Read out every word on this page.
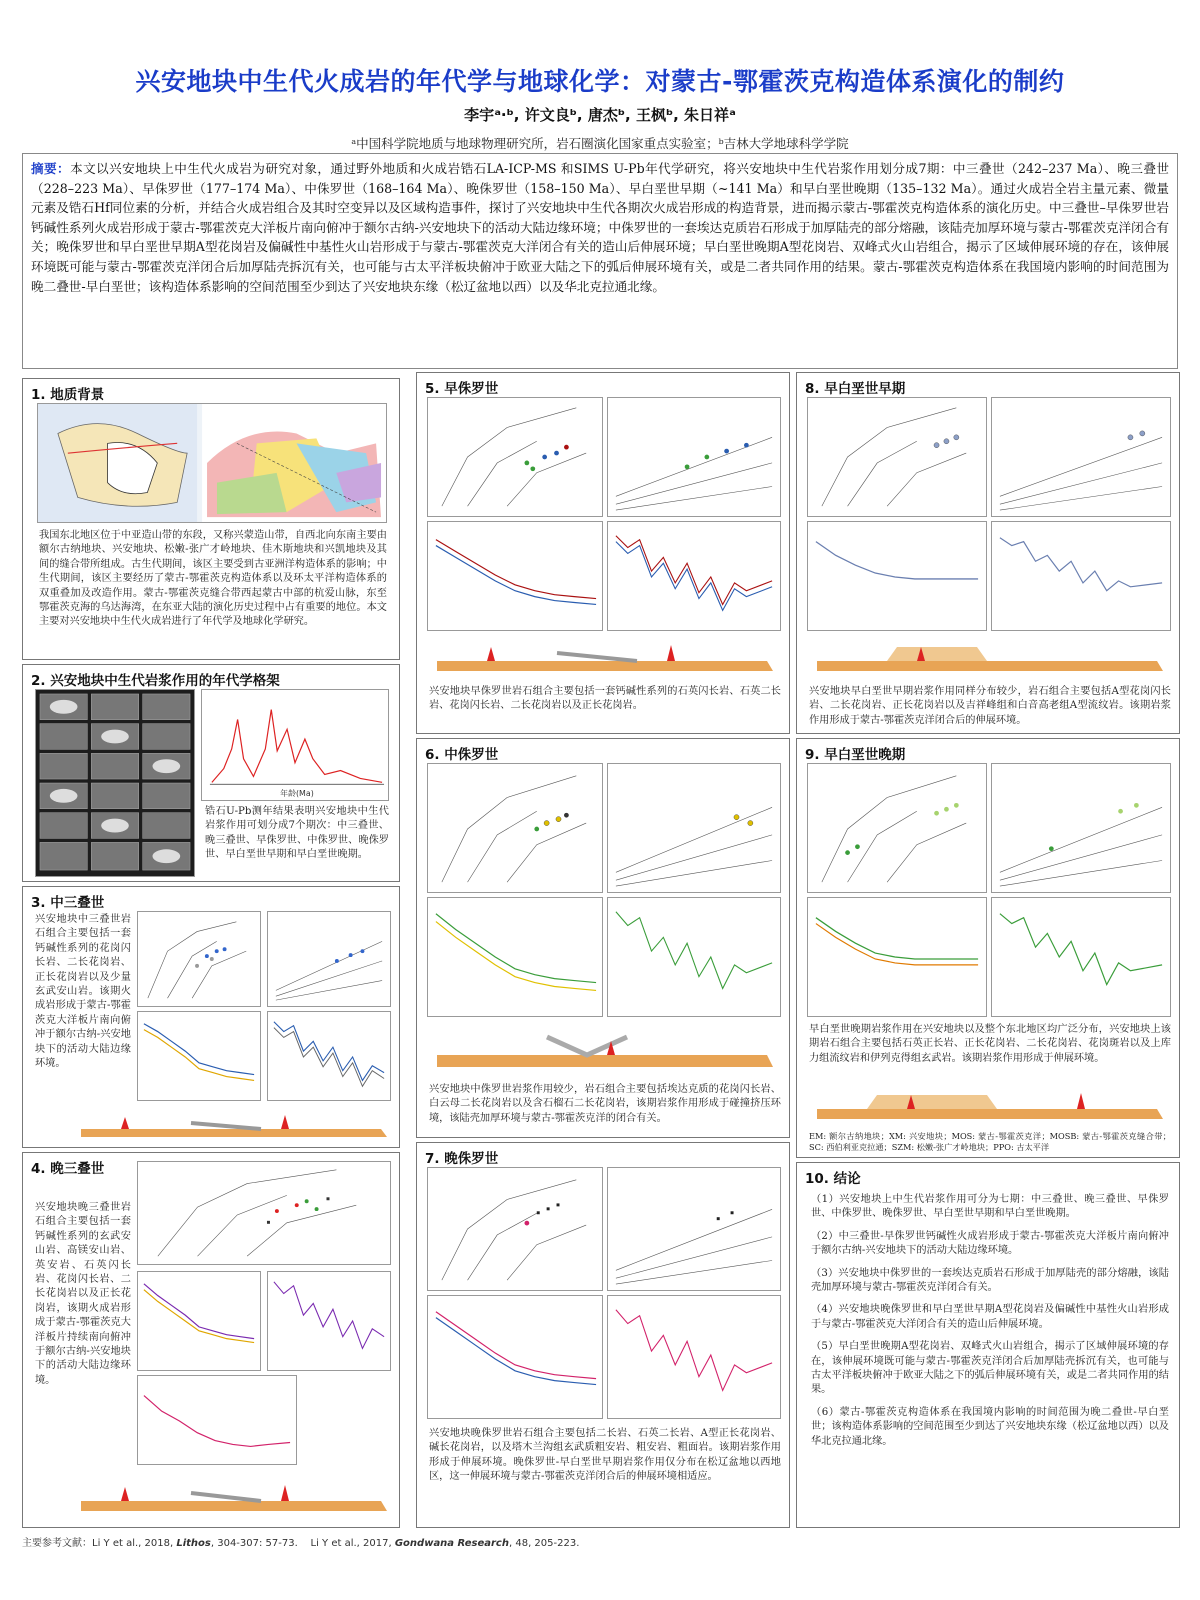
兴安地块中生代火成岩的年代学与地球化学：对蒙古-鄂霍茨克构造体系演化的制约
李宇ᵃ·ᵇ, 许文良ᵇ, 唐杰ᵇ, 王枫ᵇ, 朱日祥ᵃ
ᵃ中国科学院地质与地球物理研究所，岩石圈演化国家重点实验室；ᵇ吉林大学地球科学学院
摘要：本文以兴安地块上中生代火成岩为研究对象，通过野外地质和火成岩锆石LA-ICP-MS 和SIMS U-Pb年代学研究，将兴安地块中生代岩浆作用划分成7期：中三叠世（242–237 Ma）、晚三叠世（228–223 Ma）、早侏罗世（177–174 Ma）、中侏罗世（168–164 Ma）、晚侏罗世（158–150 Ma）、早白垩世早期（~141 Ma）和早白垩世晚期（135–132 Ma）。通过火成岩全岩主量元素、微量元素及锆石Hf同位素的分析，并结合火成岩组合及其时空变异以及区域构造事件，探讨了兴安地块中生代各期次火成岩形成的构造背景，进而揭示蒙古-鄂霍茨克构造体系的演化历史。中三叠世–早侏罗世岩钙碱性系列火成岩形成于蒙古-鄂霍茨克大洋板片南向俯冲于额尔古纳-兴安地块下的活动大陆边缘环境；中侏罗世的一套埃达克质岩石形成于加厚陆壳的部分熔融，该陆壳加厚环境与蒙古-鄂霍茨克洋闭合有关；晚侏罗世和早白垩世早期A型花岗岩及偏碱性中基性火山岩形成于与蒙古-鄂霍茨克大洋闭合有关的造山后伸展环境；早白垩世晚期A型花岗岩、双峰式火山岩组合，揭示了区域伸展环境的存在，该伸展环境既可能与蒙古-鄂霍茨克洋闭合后加厚陆壳拆沉有关，也可能与古太平洋板块俯冲于欧亚大陆之下的弧后伸展环境有关，或是二者共同作用的结果。蒙古-鄂霍茨克构造体系在我国境内影响的时间范围为晚二叠世-早白垩世；该构造体系影响的空间范围至少到达了兴安地块东缘（松辽盆地以西）以及华北克拉通北缘。
1. 地质背景
我国东北地区位于中亚造山带的东段，又称兴蒙造山带，自西北向东南主要由额尔古纳地块、兴安地块、松嫩-张广才岭地块、佳木斯地块和兴凯地块及其间的缝合带所组成。古生代期间，该区主要受到古亚洲洋构造体系的影响；中生代期间，该区主要经历了蒙古-鄂霍茨克构造体系以及环太平洋构造体系的双重叠加及改造作用。蒙古-鄂霍茨克缝合带西起蒙古中部的杭爱山脉，东至鄂霍茨克海的乌达海湾，在东亚大陆的演化历史过程中占有重要的地位。本文主要对兴安地块中生代火成岩进行了年代学及地球化学研究。
2. 兴安地块中生代岩浆作用的年代学格架
年龄(Ma)
锆石U-Pb测年结果表明兴安地块中生代岩浆作用可划分成7个期次：中三叠世、晚三叠世、早侏罗世、中侏罗世、晚侏罗世、早白垩世早期和早白垩世晚期。
3. 中三叠世
兴安地块中三叠世岩石组合主要包括一套钙碱性系列的花岗闪长岩、二长花岗岩、正长花岗岩以及少量玄武安山岩。该期火成岩形成于蒙古-鄂霍茨克大洋板片南向俯冲于额尔古纳-兴安地块下的活动大陆边缘环境。
4. 晚三叠世
兴安地块晚三叠世岩石组合主要包括一套钙碱性系列的玄武安山岩、高镁安山岩、英安岩、石英闪长岩、花岗闪长岩、二长花岗岩以及正长花岗岩，该期火成岩形成于蒙古-鄂霍茨克大洋板片持续南向俯冲于额尔古纳-兴安地块下的活动大陆边缘环境。
5. 早侏罗世
兴安地块早侏罗世岩石组合主要包括一套钙碱性系列的石英闪长岩、石英二长岩、花岗闪长岩、二长花岗岩以及正长花岗岩。
6. 中侏罗世
兴安地块中侏罗世岩浆作用较少，岩石组合主要包括埃达克质的花岗闪长岩、白云母二长花岗岩以及含石榴石二长花岗岩，该期岩浆作用形成于碰撞挤压环境，该陆壳加厚环境与蒙古-鄂霍茨克洋的闭合有关。
7. 晚侏罗世
兴安地块晚侏罗世岩石组合主要包括二长岩、石英二长岩、A型正长花岗岩、碱长花岗岩，以及塔木兰沟组玄武质粗安岩、粗安岩、粗面岩。该期岩浆作用形成于伸展环境。晚侏罗世-早白垩世早期岩浆作用仅分布在松辽盆地以西地区，这一伸展环境与蒙古-鄂霍茨克洋闭合后的伸展环境相适应。
8. 早白垩世早期
兴安地块早白垩世早期岩浆作用同样分布较少，岩石组合主要包括A型花岗闪长岩、二长花岗岩、正长花岗岩以及吉祥峰组和白音高老组A型流纹岩。该期岩浆作用形成于蒙古-鄂霍茨克洋闭合后的伸展环境。
9. 早白垩世晚期
早白垩世晚期岩浆作用在兴安地块以及整个东北地区均广泛分布，兴安地块上该期岩石组合主要包括石英正长岩、正长花岗岩、二长花岗岩、花岗斑岩以及上库力组流纹岩和伊列克得组玄武岩。该期岩浆作用形成于伸展环境。
EM: 额尔古纳地块；XM: 兴安地块；MOS: 蒙古-鄂霍茨克洋；MOSB: 蒙古-鄂霍茨克缝合带；SC: 西伯利亚克拉通；SZM: 松嫩-张广才岭地块；PPO: 古太平洋
10. 结论

（1）兴安地块上中生代岩浆作用可分为七期：中三叠世、晚三叠世、早侏罗世、中侏罗世、晚侏罗世、早白垩世早期和早白垩世晚期。

（2）中三叠世-早侏罗世钙碱性火成岩形成于蒙古-鄂霍茨克大洋板片南向俯冲于额尔古纳-兴安地块下的活动大陆边缘环境。

（3）兴安地块中侏罗世的一套埃达克质岩石形成于加厚陆壳的部分熔融，该陆壳加厚环境与蒙古-鄂霍茨克洋闭合有关。

（4）兴安地块晚侏罗世和早白垩世早期A型花岗岩及偏碱性中基性火山岩形成于与蒙古-鄂霍茨克大洋闭合有关的造山后伸展环境。

（5）早白垩世晚期A型花岗岩、双峰式火山岩组合，揭示了区域伸展环境的存在，该伸展环境既可能与蒙古-鄂霍茨克洋闭合后加厚陆壳拆沉有关，也可能与古太平洋板块俯冲于欧亚大陆之下的弧后伸展环境有关，或是二者共同作用的结果。

（6）蒙古-鄂霍茨克构造体系在我国境内影响的时间范围为晚二叠世-早白垩世；该构造体系影响的空间范围至少到达了兴安地块东缘（松辽盆地以西）以及华北克拉通北缘。

主要参考文献：Li Y et al., 2018, Lithos, 304-307: 57-73. Li Y et al., 2017, Gondwana Research, 48, 205-223.
